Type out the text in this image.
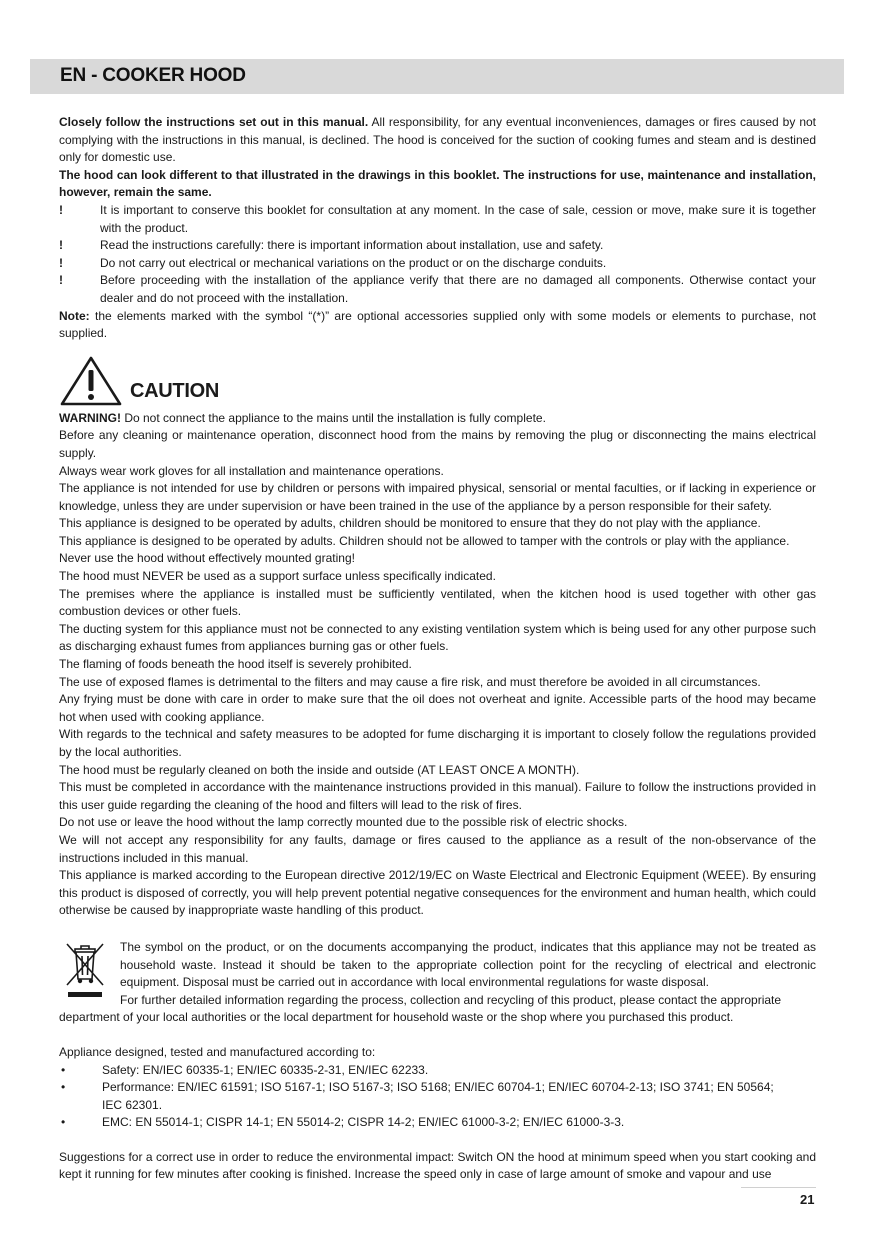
EN - COOKER HOOD

Closely follow the instructions set out in this manual. All responsibility, for any eventual inconveniences, damages or fires caused by not complying with the instructions in this manual, is declined. The hood is conceived for the suction of cooking fumes and steam and is destined only for domestic use.

The hood can look different to that illustrated in the drawings in this booklet. The instructions for use, maintenance and installation, however, remain the same.

!	It is important to conserve this booklet for consultation at any moment. In the case of sale, cession or move, make sure it is together with the product.
!	Read the instructions carefully: there is important information about installation, use and safety.
!	Do not carry out electrical or mechanical variations on the product or on the discharge conduits.
!	Before proceeding with the installation of the appliance verify that there are no damaged all components. Otherwise contact your dealer and do not proceed with the installation.

Note: the elements marked with the symbol “(*)” are optional accessories supplied only with some models or elements to purchase, not supplied.

CAUTION

WARNING! Do not connect the appliance to the mains until the installation is fully complete.

Before any cleaning or maintenance operation, disconnect hood from the mains by removing the plug or disconnecting the mains electrical supply.

Always wear work gloves for all installation and maintenance operations.

The appliance is not intended for use by children or persons with impaired physical, sensorial or mental faculties, or if lacking in experience or knowledge, unless they are under supervision or have been trained in the use of the appliance by a person responsible for their safety.

This appliance is designed to be operated by adults, children should be monitored to ensure that they do not play with the appliance.

This appliance is designed to be operated by adults. Children should not be allowed to tamper with the controls or play with the appliance.

Never use the hood without effectively mounted grating!

The hood must NEVER be used as a support surface unless specifically indicated.

The premises where the appliance is installed must be sufficiently ventilated, when the kitchen hood is used together with other gas combustion devices or other fuels.

The ducting system for this appliance must not be connected to any existing ventilation system which is being used for any other purpose such as discharging exhaust fumes from appliances burning gas or other fuels.

The flaming of foods beneath the hood itself is severely prohibited.

The use of exposed flames is detrimental to the filters and may cause a fire risk, and must therefore be avoided in all circumstances.

Any frying must be done with care in order to make sure that the oil does not overheat and ignite. Accessible parts of the hood may became hot when used with cooking appliance.

With regards to the technical and safety measures to be adopted for fume discharging it is important to closely follow the regulations provided by the local authorities.

The hood must be regularly cleaned on both the inside and outside (AT LEAST ONCE A MONTH).

This must be completed in accordance with the maintenance instructions provided in this manual). Failure to follow the instructions provided in this user guide regarding the cleaning of the hood and filters will lead to the risk of fires.

Do not use or leave the hood without the lamp correctly mounted due to the possible risk of electric shocks.

We will not accept any responsibility for any faults, damage or fires caused to the appliance as a result of the non-observance of the instructions included in this manual.

This appliance is marked according to the European directive 2012/19/EC on Waste Electrical and Electronic Equipment (WEEE). By ensuring this product is disposed of correctly, you will help prevent potential negative consequences for the environment and human health, which could otherwise be caused by inappropriate waste handling of this product.

The symbol on the product, or on the documents accompanying the product, indicates that this appliance may not be treated as household waste. Instead it should be taken to the appropriate collection point for the recycling of electrical and electronic equipment. Disposal must be carried out in accordance with local environmental regulations for waste disposal.

For further detailed information regarding the process, collection and recycling of this product, please contact the appropriate

department of your local authorities or the local department for household waste or the shop where you purchased this product.

Appliance designed, tested and manufactured according to:

•	Safety: EN/IEC 60335-1; EN/IEC 60335-2-31, EN/IEC 62233.
•	Performance: EN/IEC 61591; ISO 5167-1; ISO 5167-3; ISO 5168; EN/IEC 60704-1; EN/IEC 60704-2-13; ISO 3741; EN 50564;
IEC 62301.
•	EMC: EN 55014-1; CISPR 14-1; EN 55014-2; CISPR 14-2; EN/IEC 61000-3-2; EN/IEC 61000-3-3.

Suggestions for a correct use in order to reduce the environmental impact: Switch ON the hood at minimum speed when you start cooking and kept it running for few minutes after cooking is finished. Increase the speed only in case of large amount of smoke and vapour and use

21
